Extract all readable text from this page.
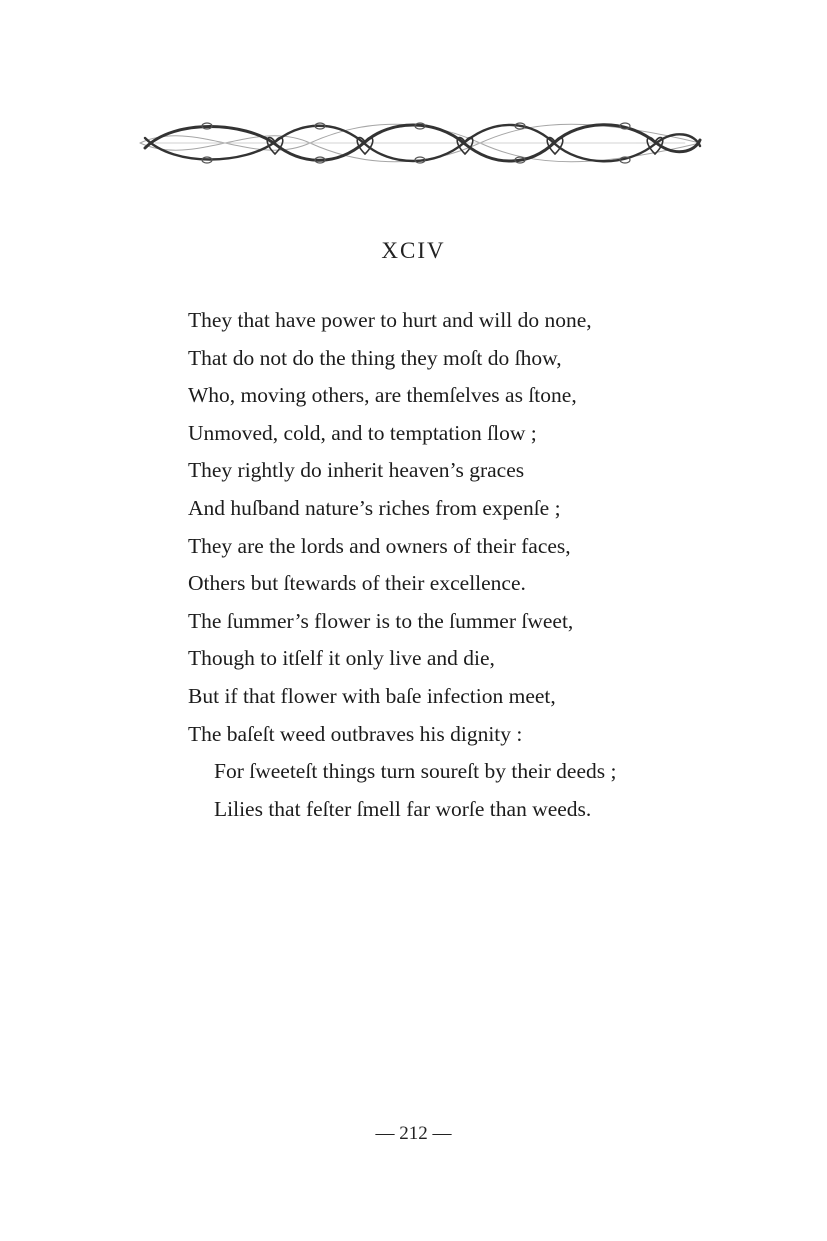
XCIV
They that have power to hurt and will do none,
That do not do the thing they moſt do ſhow,
Who, moving others, are themſelves as ſtone,
Unmoved, cold, and to temptation ſlow ;
They rightly do inherit heaven’s graces
And huſband nature’s riches from expenſe ;
They are the lords and owners of their faces,
Others but ſtewards of their excellence.
The ſummer’s flower is to the ſummer ſweet,
Though to itſelf it only live and die,
But if that flower with baſe infection meet,
The baſeſt weed outbraves his dignity :
For ſweeteſt things turn soureſt by their deeds ;
Lilies that feſter ſmell far worſe than weeds.
— 212 —
